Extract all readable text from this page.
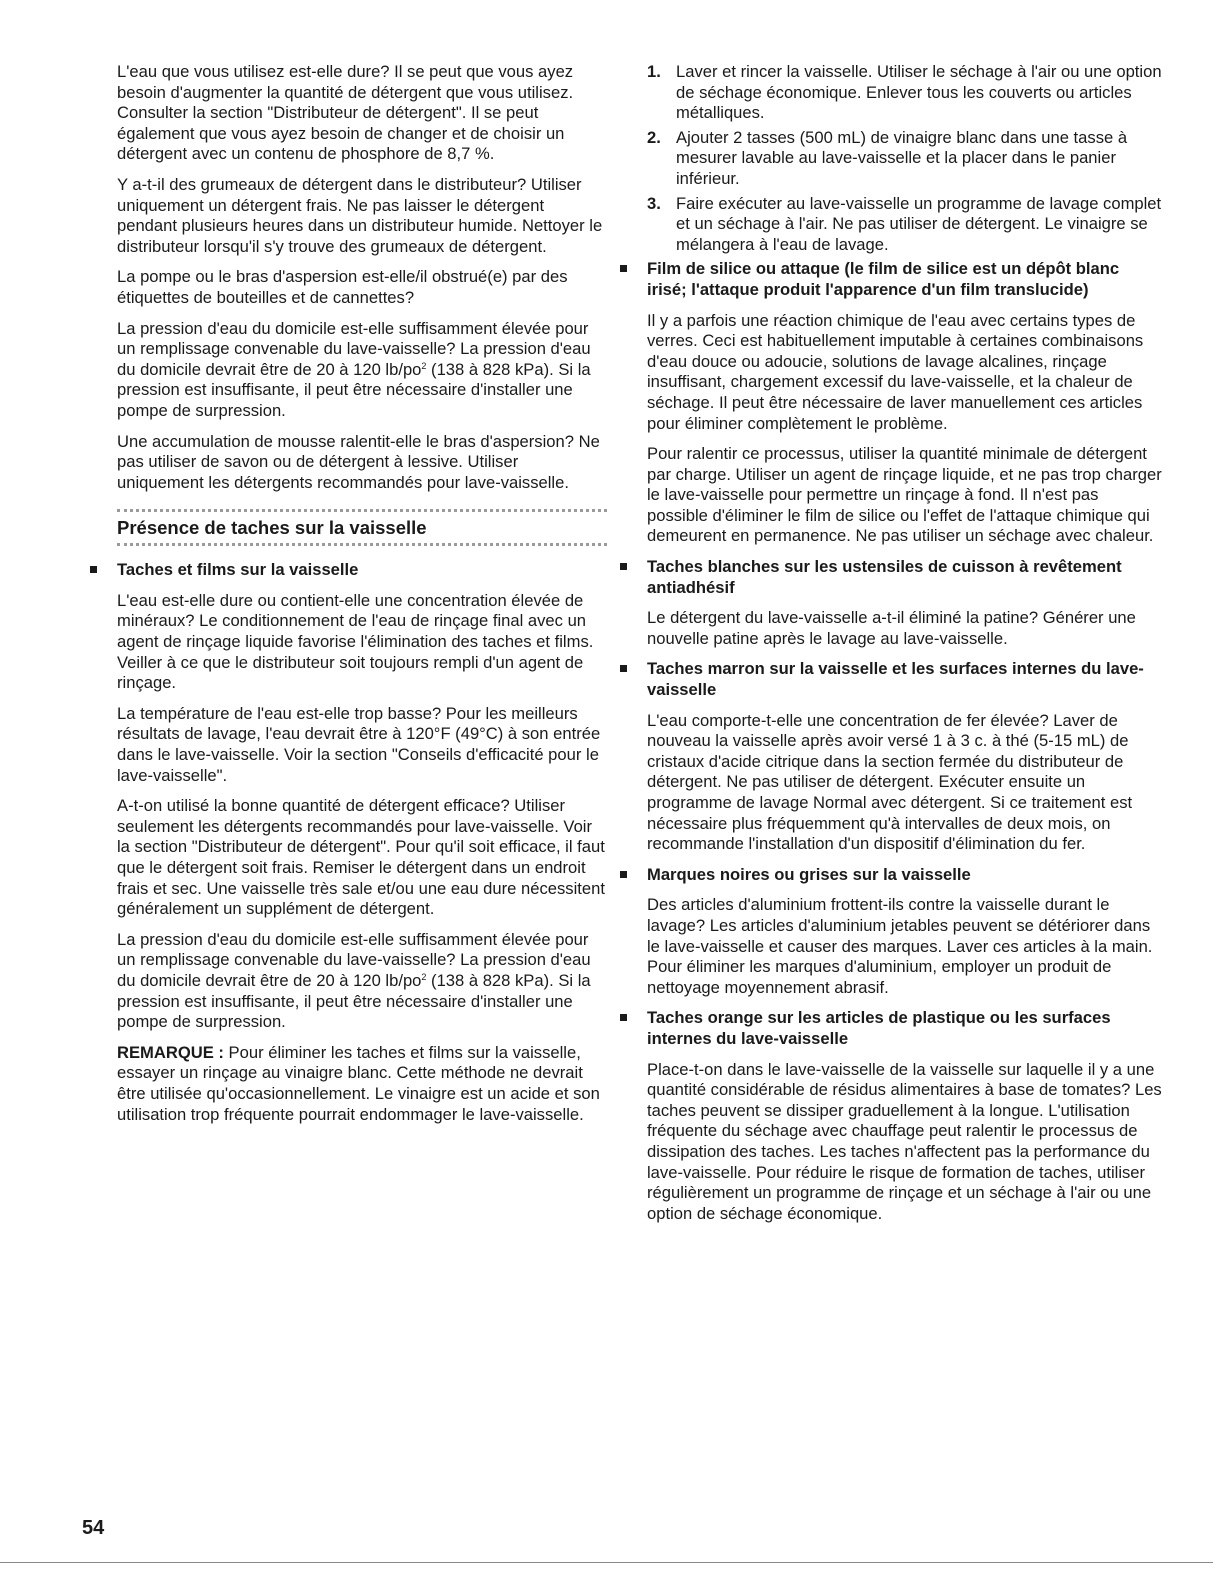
L'eau que vous utilisez est-elle dure? Il se peut que vous ayez besoin d'augmenter la quantité de détergent que vous utilisez. Consulter la section "Distributeur de détergent". Il se peut également que vous ayez besoin de changer et de choisir un détergent avec un contenu de phosphore de 8,7 %.

Y a-t-il des grumeaux de détergent dans le distributeur? Utiliser uniquement un détergent frais. Ne pas laisser le détergent pendant plusieurs heures dans un distributeur humide. Nettoyer le distributeur lorsqu'il s'y trouve des grumeaux de détergent.

La pompe ou le bras d'aspersion est-elle/il obstrué(e) par des étiquettes de bouteilles et de cannettes?

La pression d'eau du domicile est-elle suffisamment élevée pour un remplissage convenable du lave-vaisselle? La pression d'eau du domicile devrait être de 20 à 120 $lb/po^2$ (138 à 828 kPa). Si la pression est insuffisante, il peut être nécessaire d'installer une pompe de surpression.

Une accumulation de mousse ralentit-elle le bras d'aspersion? Ne pas utiliser de savon ou de détergent à lessive. Utiliser uniquement les détergents recommandés pour lave-vaisselle.

Présence de taches sur la vaisselle
Taches et films sur la vaisselle

L'eau est-elle dure ou contient-elle une concentration élevée de minéraux? Le conditionnement de l'eau de rinçage final avec un agent de rinçage liquide favorise l'élimination des taches et films. Veiller à ce que le distributeur soit toujours rempli d'un agent de rinçage.

La température de l'eau est-elle trop basse? Pour les meilleurs résultats de lavage, l'eau devrait être à 120°F (49°C) à son entrée dans le lave-vaisselle. Voir la section "Conseils d'efficacité pour le lave-vaisselle".

A-t-on utilisé la bonne quantité de détergent efficace? Utiliser seulement les détergents recommandés pour lave-vaisselle. Voir la section "Distributeur de détergent". Pour qu'il soit efficace, il faut que le détergent soit frais. Remiser le détergent dans un endroit frais et sec. Une vaisselle très sale et/ou une eau dure nécessitent généralement un supplément de détergent.

La pression d'eau du domicile est-elle suffisamment élevée pour un remplissage convenable du lave-vaisselle? La pression d'eau du domicile devrait être de 20 à 120 $lb/po^2$ (138 à 828 kPa). Si la pression est insuffisante, il peut être nécessaire d'installer une pompe de surpression.

REMARQUE : Pour éliminer les taches et films sur la vaisselle, essayer un rinçage au vinaigre blanc. Cette méthode ne devrait être utilisée qu'occasionnellement. Le vinaigre est un acide et son utilisation trop fréquente pourrait endommager le lave-vaisselle.

1. Laver et rincer la vaisselle. Utiliser le séchage à l'air ou une option de séchage économique. Enlever tous les couverts ou articles métalliques.
2. Ajouter 2 tasses (500 mL) de vinaigre blanc dans une tasse à mesurer lavable au lave-vaisselle et la placer dans le panier inférieur.
3. Faire exécuter au lave-vaisselle un programme de lavage complet et un séchage à l'air. Ne pas utiliser de détergent. Le vinaigre se mélangera à l'eau de lavage.
Film de silice ou attaque (le film de silice est un dépôt blanc irisé; l'attaque produit l'apparence d'un film translucide)

Il y a parfois une réaction chimique de l'eau avec certains types de verres. Ceci est habituellement imputable à certaines combinaisons d'eau douce ou adoucie, solutions de lavage alcalines, rinçage insuffisant, chargement excessif du lave-vaisselle, et la chaleur de séchage. Il peut être nécessaire de laver manuellement ces articles pour éliminer complètement le problème.

Pour ralentir ce processus, utiliser la quantité minimale de détergent par charge. Utiliser un agent de rinçage liquide, et ne pas trop charger le lave-vaisselle pour permettre un rinçage à fond. Il n'est pas possible d'éliminer le film de silice ou l'effet de l'attaque chimique qui demeurent en permanence. Ne pas utiliser un séchage avec chaleur.

Taches blanches sur les ustensiles de cuisson à revêtement antiadhésif

Le détergent du lave-vaisselle a-t-il éliminé la patine? Générer une nouvelle patine après le lavage au lave-vaisselle.

Taches marron sur la vaisselle et les surfaces internes du lave-vaisselle

L'eau comporte-t-elle une concentration de fer élevée? Laver de nouveau la vaisselle après avoir versé 1 à 3 c. à thé (5-15 mL) de cristaux d'acide citrique dans la section fermée du distributeur de détergent. Ne pas utiliser de détergent. Exécuter ensuite un programme de lavage Normal avec détergent. Si ce traitement est nécessaire plus fréquemment qu'à intervalles de deux mois, on recommande l'installation d'un dispositif d'élimination du fer.

Marques noires ou grises sur la vaisselle

Des articles d'aluminium frottent-ils contre la vaisselle durant le lavage? Les articles d'aluminium jetables peuvent se détériorer dans le lave-vaisselle et causer des marques. Laver ces articles à la main. Pour éliminer les marques d'aluminium, employer un produit de nettoyage moyennement abrasif.

Taches orange sur les articles de plastique ou les surfaces internes du lave-vaisselle

Place-t-on dans le lave-vaisselle de la vaisselle sur laquelle il y a une quantité considérable de résidus alimentaires à base de tomates? Les taches peuvent se dissiper graduellement à la longue. L'utilisation fréquente du séchage avec chauffage peut ralentir le processus de dissipation des taches. Les taches n'affectent pas la performance du lave-vaisselle. Pour réduire le risque de formation de taches, utiliser régulièrement un programme de rinçage et un séchage à l'air ou une option de séchage économique.

54
